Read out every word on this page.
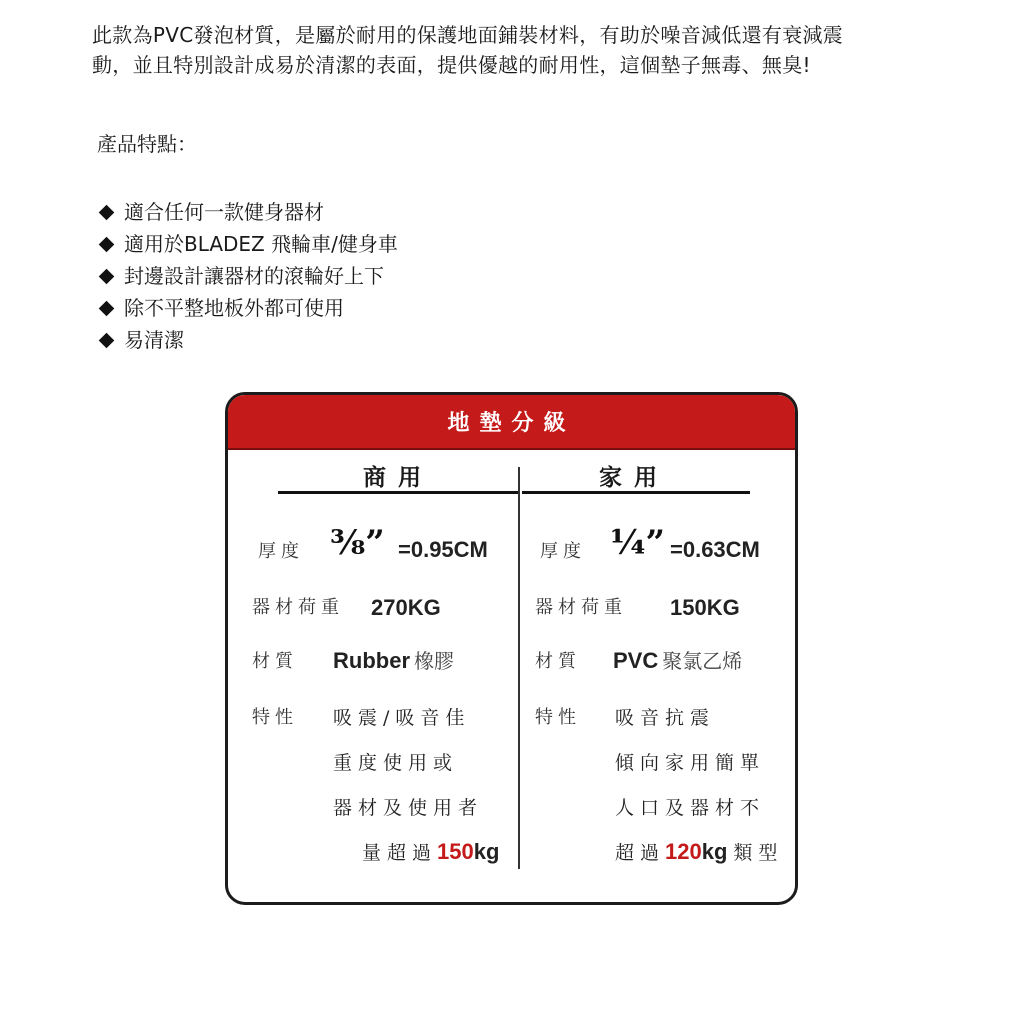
此款為PVC發泡材質，是屬於耐用的保護地面鋪裝材料，有助於噪音減低還有衰減震

動，並且特別設計成易於清潔的表面，提供優越的耐用性，這個墊子無毒、無臭!

產品特點：
適合任何一款健身器材
適用於BLADEZ 飛輪車/健身車
封邊設計讓器材的滾輪好上下
除不平整地板外都可使用
易清潔
地墊分級
商用	家用
厚度 ⅜” =0.95CM
器材荷重 270KG
材質 Rubber 橡膠
特性 吸震/吸音佳
重度使用或
器材及使用者
量超過150kg
厚度 ¼” =0.63CM
器材荷重 150KG
材質 PVC 聚氯乙烯
特性 吸音抗震
傾向家用簡單
人口及器材不
超過120kg 類型
